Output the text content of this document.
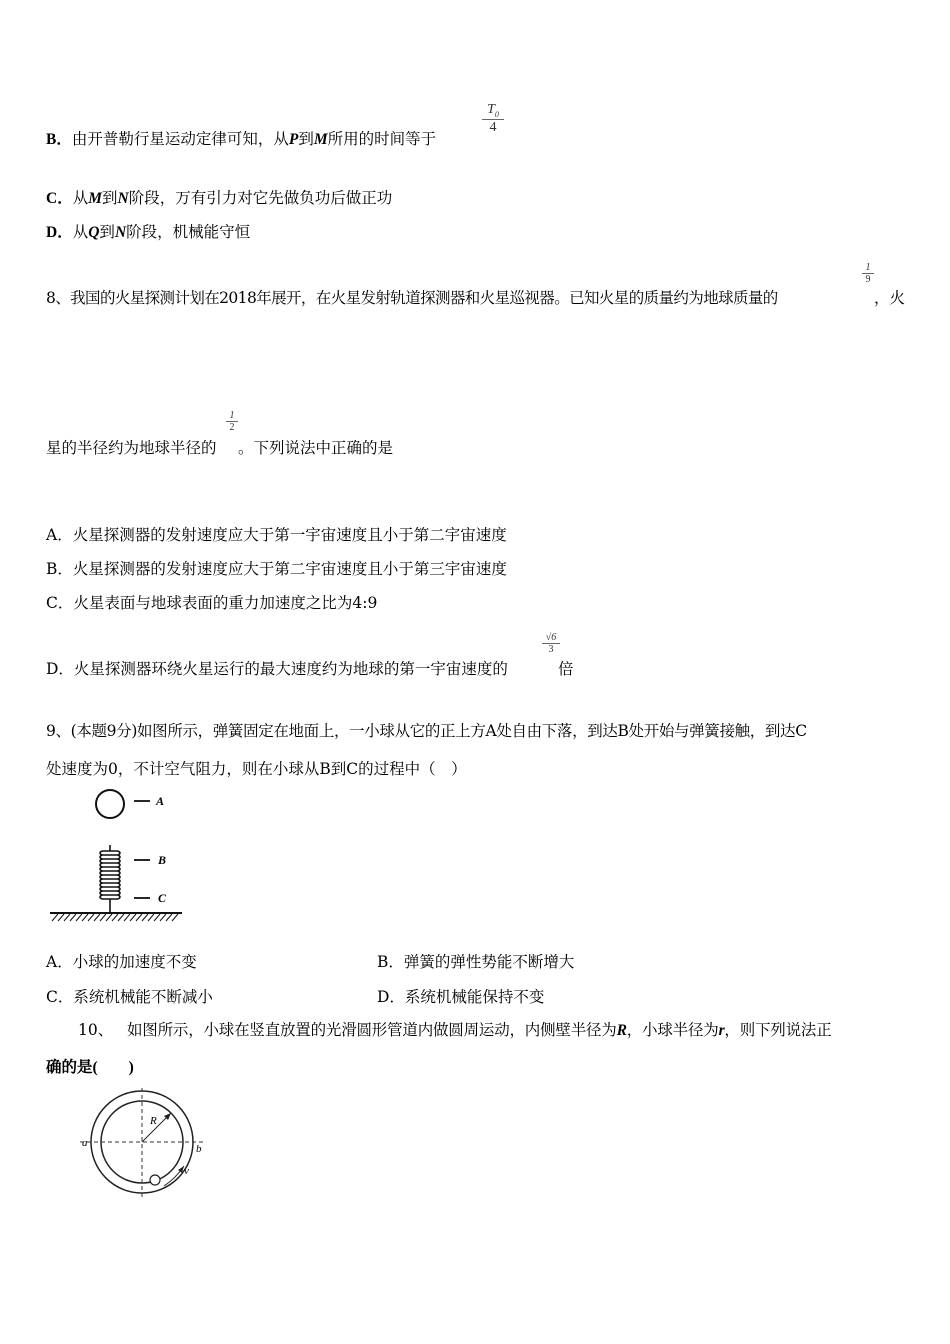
B．由开普勒行星运动定律可知，从P到M所用的时间等于
$\frac{T_0}{4}$
C．从M到N阶段，万有引力对它先做负功后做正功
D．从Q到N阶段，机械能守恒
8、我国的火星探测计划在2018年展开，在火星发射轨道探测器和火星巡视器。已知火星的质量约为地球质量的
$\frac{1}{9}$
，火
星的半径约为地球半径的
$\frac{1}{2}$
。下列说法中正确的是
A．火星探测器的发射速度应大于第一宇宙速度且小于第二宇宙速度
B．火星探测器的发射速度应大于第二宇宙速度且小于第三宇宙速度
C．火星表面与地球表面的重力加速度之比为4:9
D．火星探测器环绕火星运行的最大速度约为地球的第一宇宙速度的
$\frac{√6}{3}$
倍
9、(本题9分)如图所示，弹簧固定在地面上，一小球从它的正上方A处自由下落，到达B处开始与弹簧接触，到达C
处速度为0，不计空气阻力，则在小球从B到C的过程中（　）
A
B
C
A．小球的加速度不变	B．弹簧的弹性势能不断增大
C．系统机械能不断减小	D．系统机械能保持不变
10、 如图所示，小球在竖直放置的光滑圆形管道内做圆周运动，内侧壁半径为R，小球半径为r，则下列说法正
确的是(　　)
R
a	b
v
